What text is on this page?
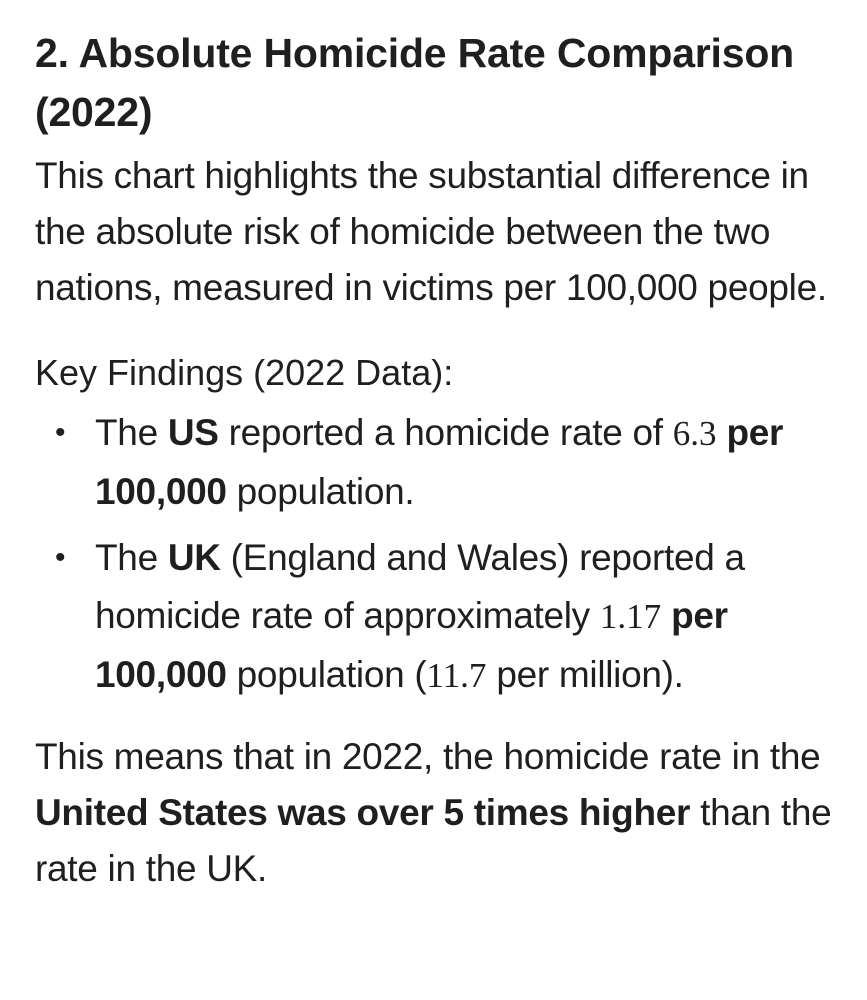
2. Absolute Homicide Rate Comparison (2022)

This chart highlights the substantial difference in the absolute risk of homicide between the two nations, measured in victims per 100,000 people.

Key Findings (2022 Data):
• The US reported a homicide rate of 6.3 per 100,000 population.
• The UK (England and Wales) reported a homicide rate of approximately 1.17 per 100,000 population (11.7 per million).

This means that in 2022, the homicide rate in the United States was over 5 times higher than the rate in the UK.
